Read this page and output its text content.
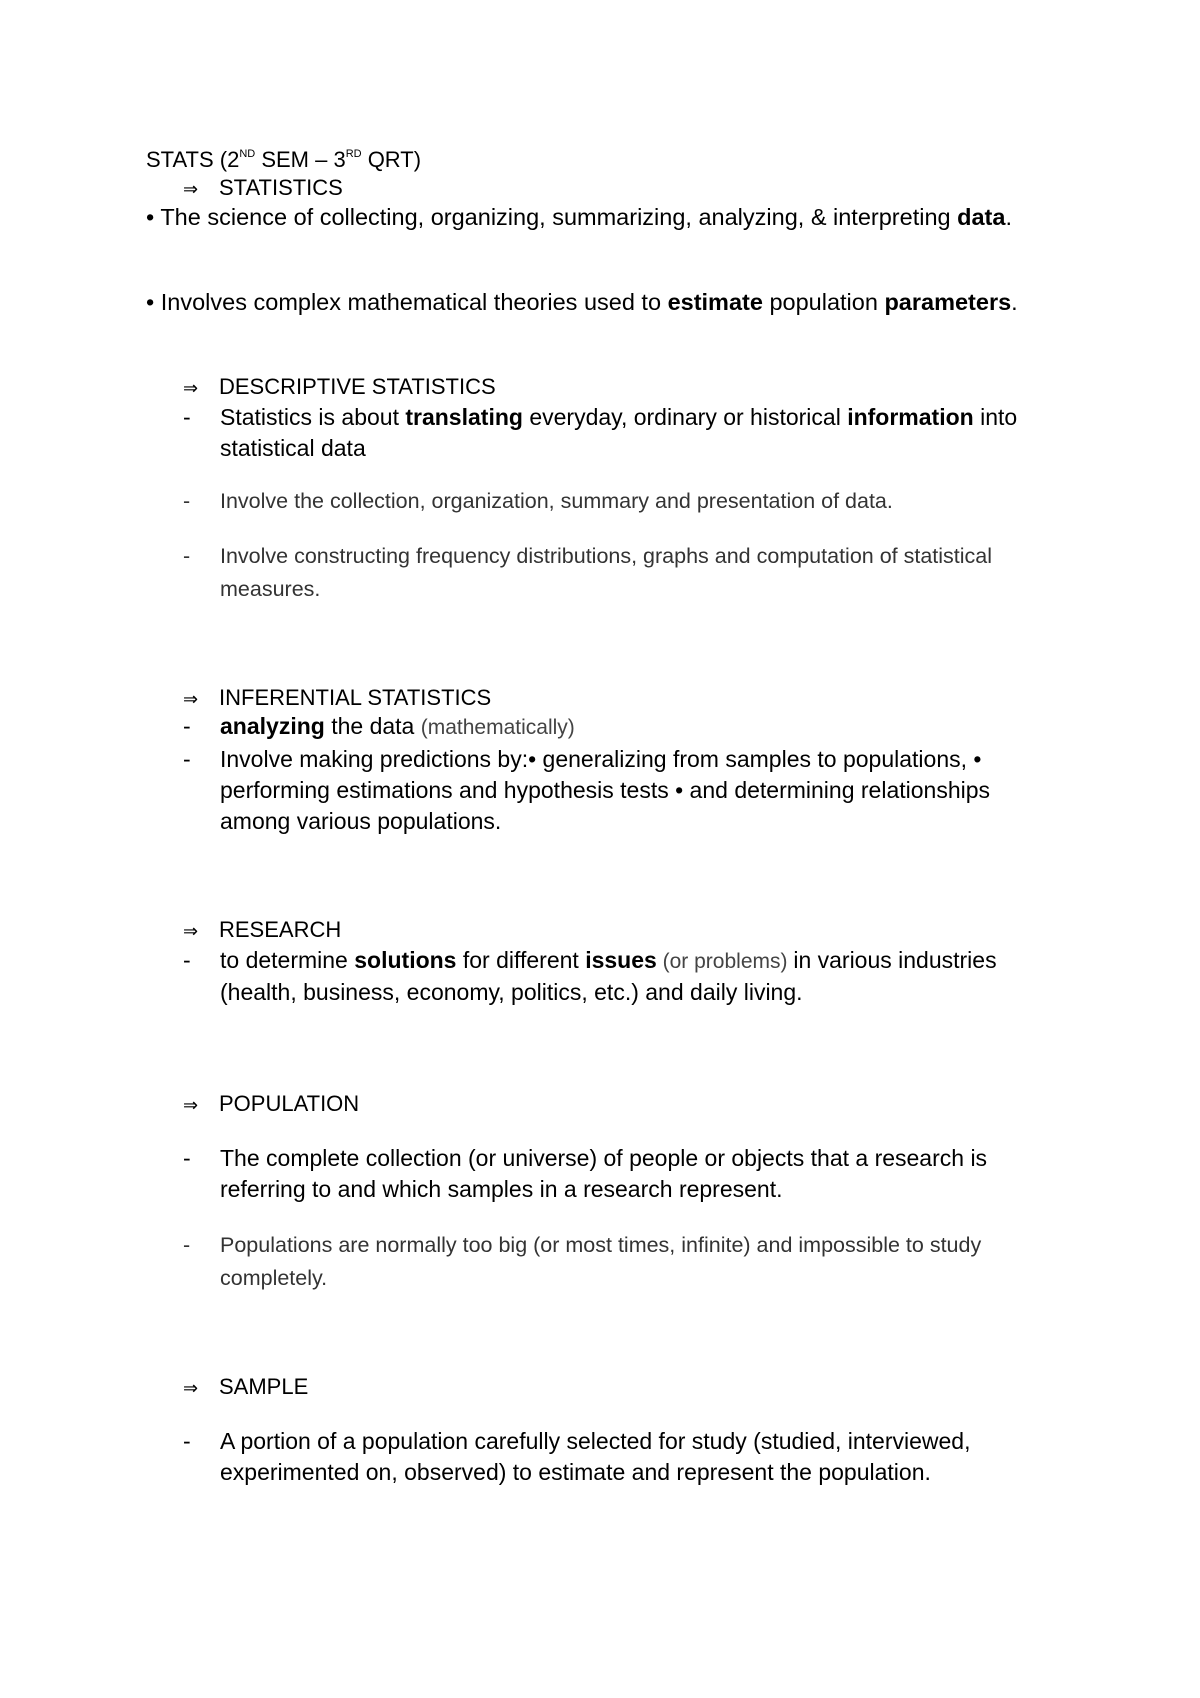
STATS (2ND SEM – 3RD QRT)
⇒ STATISTICS
• The science of collecting, organizing, summarizing, analyzing, & interpreting data.
• Involves complex mathematical theories used to estimate population parameters.
⇒ DESCRIPTIVE STATISTICS
- Statistics is about translating everyday, ordinary or historical information into statistical data
- Involve the collection, organization, summary and presentation of data.
- Involve constructing frequency distributions, graphs and computation of statistical measures.
⇒ INFERENTIAL STATISTICS
- analyzing the data (mathematically)
- Involve making predictions by:• generalizing from samples to populations, • performing estimations and hypothesis tests • and determining relationships among various populations.
⇒ RESEARCH
- to determine solutions for different issues (or problems) in various industries (health, business, economy, politics, etc.) and daily living.
⇒ POPULATION
- The complete collection (or universe) of people or objects that a research is referring to and which samples in a research represent.
- Populations are normally too big (or most times, infinite) and impossible to study completely.
⇒ SAMPLE
- A portion of a population carefully selected for study (studied, interviewed, experimented on, observed) to estimate and represent the population.
